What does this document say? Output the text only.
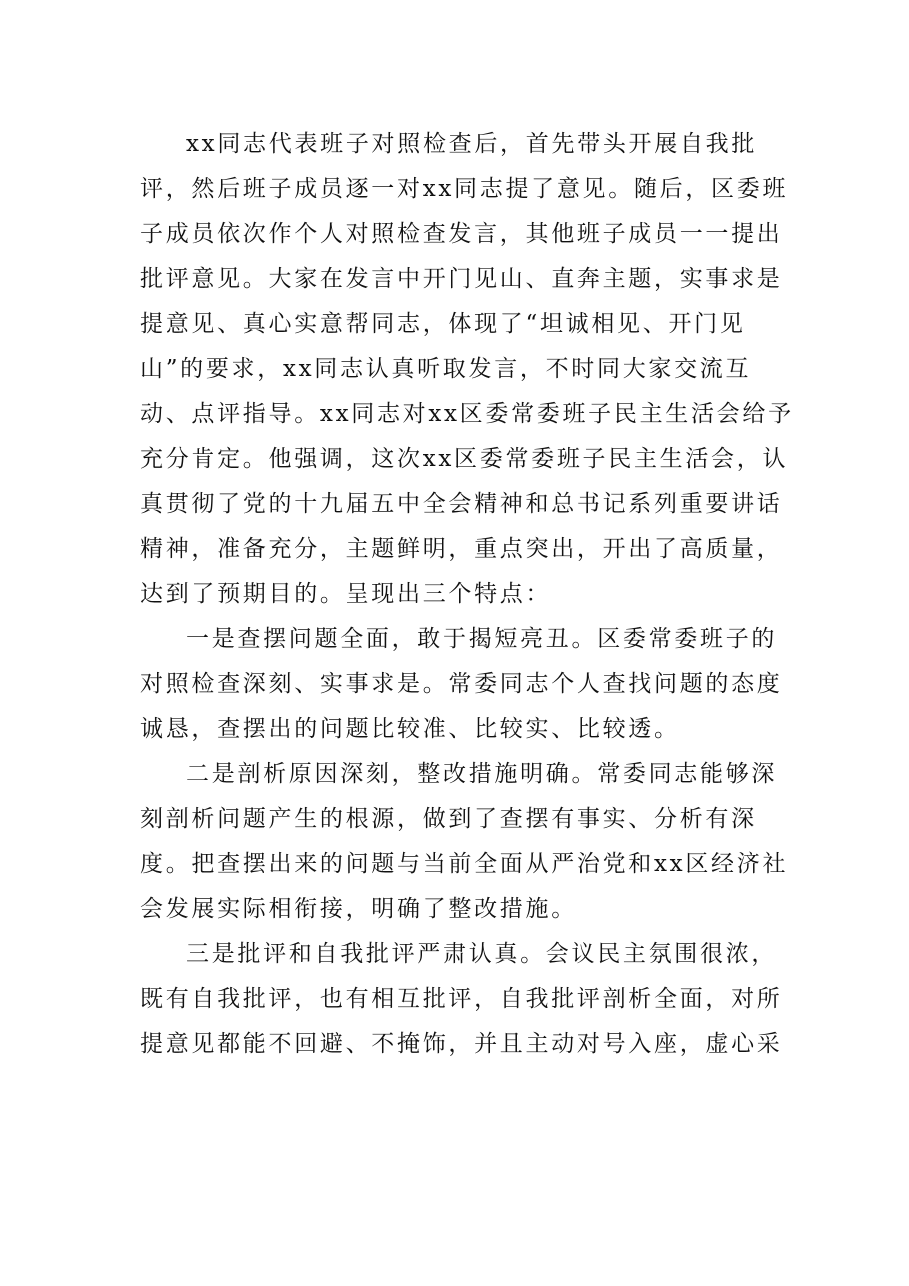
xx同志代表班子对照检查后，首先带头开展自我批
评，然后班子成员逐一对xx同志提了意见。随后，区委班
子成员依次作个人对照检查发言，其他班子成员一一提出
批评意见。大家在发言中开门见山、直奔主题，实事求是
提意见、真心实意帮同志，体现了“坦诚相见、开门见
山”的要求，xx同志认真听取发言，不时同大家交流互
动、点评指导。xx同志对xx区委常委班子民主生活会给予
充分肯定。他强调，这次xx区委常委班子民主生活会，认
真贯彻了党的十九届五中全会精神和总书记系列重要讲话
精神，准备充分，主题鲜明，重点突出，开出了高质量，
达到了预期目的。呈现出三个特点：
一是查摆问题全面，敢于揭短亮丑。区委常委班子的
对照检查深刻、实事求是。常委同志个人查找问题的态度
诚恳，查摆出的问题比较准、比较实、比较透。
二是剖析原因深刻，整改措施明确。常委同志能够深
刻剖析问题产生的根源，做到了查摆有事实、分析有深
度。把查摆出来的问题与当前全面从严治党和xx区经济社
会发展实际相衔接，明确了整改措施。
三是批评和自我批评严肃认真。会议民主氛围很浓，
既有自我批评，也有相互批评，自我批评剖析全面，对所
提意见都能不回避、不掩饰，并且主动对号入座，虚心采
